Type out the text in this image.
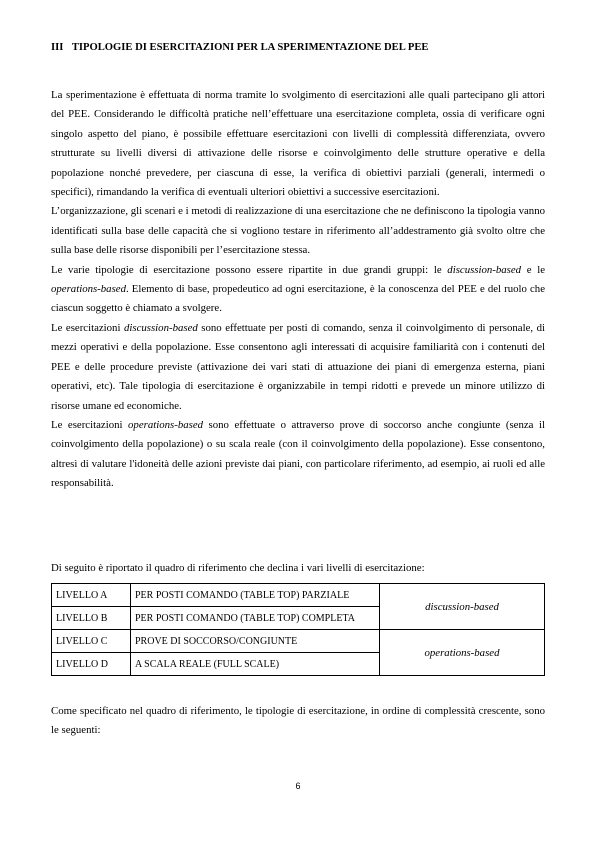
III TIPOLOGIE DI ESERCITAZIONI PER LA SPERIMENTAZIONE DEL PEE

La sperimentazione è effettuata di norma tramite lo svolgimento di esercitazioni alle quali partecipano gli attori del PEE. Considerando le difficoltà pratiche nell’effettuare una esercitazione completa, ossia di verificare ogni singolo aspetto del piano, è possibile effettuare esercitazioni con livelli di complessità differenziata, ovvero strutturate su livelli diversi di attivazione delle risorse e coinvolgimento delle strutture operative e della popolazione nonché prevedere, per ciascuna di esse, la verifica di obiettivi parziali (generali, intermedi o specifici), rimandando la verifica di eventuali ulteriori obiettivi a successive esercitazioni.

L’organizzazione, gli scenari e i metodi di realizzazione di una esercitazione che ne definiscono la tipologia vanno identificati sulla base delle capacità che si vogliono testare in riferimento all’addestramento già svolto oltre che sulla base delle risorse disponibili per l’esercitazione stessa.

Le varie tipologie di esercitazione possono essere ripartite in due grandi gruppi: le discussion-based e le operations-based. Elemento di base, propedeutico ad ogni esercitazione, è la conoscenza del PEE e del ruolo che ciascun soggetto è chiamato a svolgere.

Le esercitazioni discussion-based sono effettuate per posti di comando, senza il coinvolgimento di personale, di mezzi operativi e della popolazione. Esse consentono agli interessati di acquisire familiarità con i contenuti del PEE e delle procedure previste (attivazione dei vari stati di attuazione dei piani di emergenza esterna, piani operativi, etc). Tale tipologia di esercitazione è organizzabile in tempi ridotti e prevede un minore utilizzo di risorse umane ed economiche.

Le esercitazioni operations-based sono effettuate o attraverso prove di soccorso anche congiunte (senza il coinvolgimento della popolazione) o su scala reale (con il coinvolgimento della popolazione). Esse consentono, altresì di valutare l'idoneità delle azioni previste dai piani, con particolare riferimento, ad esempio, ai ruoli ed alle responsabilità.

Di seguito è riportato il quadro di riferimento che declina i vari livelli di esercitazione:
LIVELLO A	PER POSTI COMANDO (TABLE TOP) PARZIALE	discussion-based
LIVELLO B	PER POSTI COMANDO (TABLE TOP) COMPLETA	
LIVELLO C	PROVE DI SOCCORSO/CONGIUNTE	operations-based
LIVELLO D	A SCALA REALE (FULL SCALE)	
Come specificato nel quadro di riferimento, le tipologie di esercitazione, in ordine di complessità crescente, sono le seguenti:
6
